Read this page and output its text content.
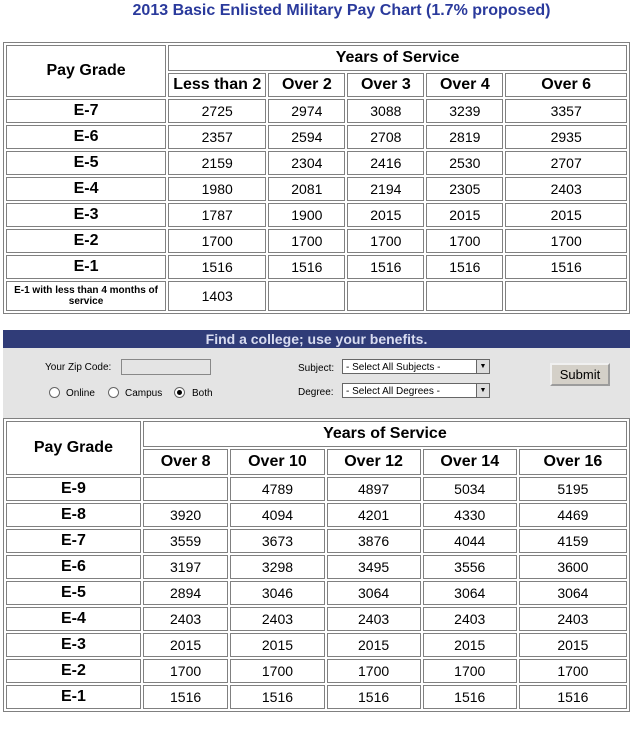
2013 Basic Enlisted Military Pay Chart (1.7% proposed)
Pay Grade	Years of Service				
	Less than 2	Over 2	Over 3	Over 4	Over 6
E-7	2725	2974	3088	3239	3357
E-6	2357	2594	2708	2819	2935
E-5	2159	2304	2416	2530	2707
E-4	1980	2081	2194	2305	2403
E-3	1787	1900	2015	2015	2015
E-2	1700	1700	1700	1700	1700
E-1	1516	1516	1516	1516	1516
E-1 with less than 4 months of service	1403				
Find a college; use your benefits.
Your Zip Code:
Online	Campus	Both
Subject:	- Select All Subjects -	▼
Degree:	- Select All Degrees -	▼
Submit
Pay Grade	Years of Service				
	Over 8	Over 10	Over 12	Over 14	Over 16
E-9		4789	4897	5034	5195
E-8	3920	4094	4201	4330	4469
E-7	3559	3673	3876	4044	4159
E-6	3197	3298	3495	3556	3600
E-5	2894	3046	3064	3064	3064
E-4	2403	2403	2403	2403	2403
E-3	2015	2015	2015	2015	2015
E-2	1700	1700	1700	1700	1700
E-1	1516	1516	1516	1516	1516
